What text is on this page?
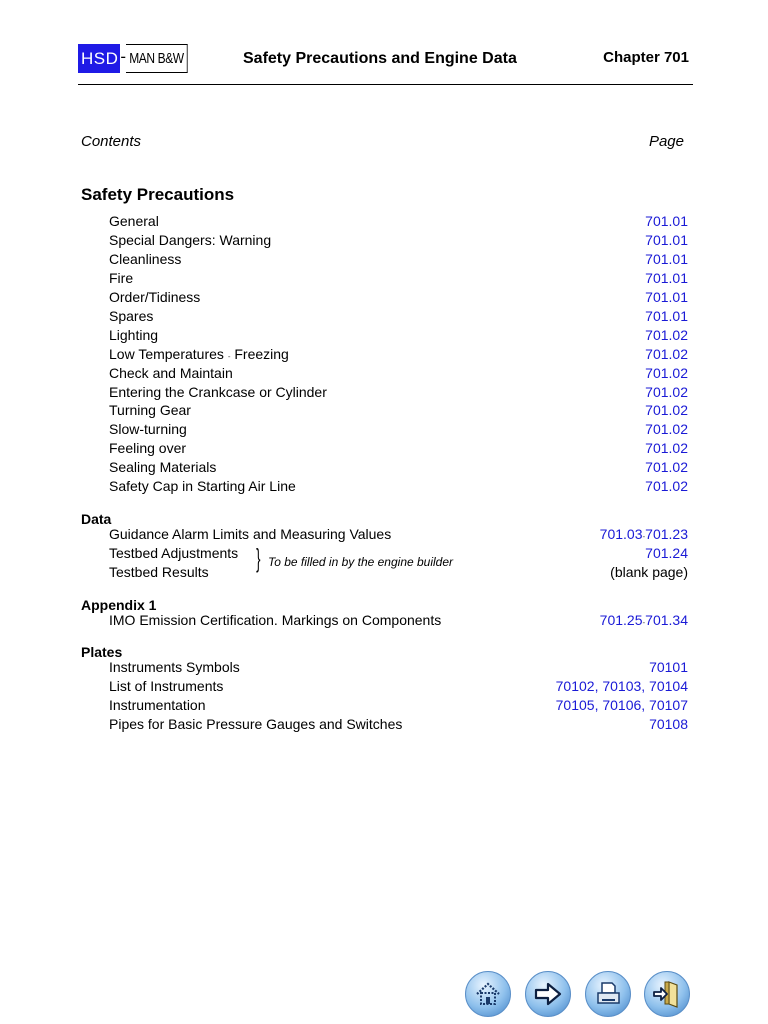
HSD - MAN B&W	Safety Precautions and Engine Data	Chapter 701
Contents	Page
Safety Precautions
General	701.01
Special Dangers: Warning	701.01
Cleanliness	701.01
Fire	701.01
Order/Tidiness	701.01
Spares	701.01
Lighting	701.02
Low Temperatures - Freezing	701.02
Check and Maintain	701.02
Entering the Crankcase or Cylinder	701.02
Turning Gear	701.02
Slow-turning	701.02
Feeling over	701.02
Sealing Materials	701.02
Safety Cap in Starting Air Line	701.02
Data
Guidance Alarm Limits and Measuring Values	701.03-701.23
Testbed Adjustments	701.24
Testbed Results	(blank page)
} To be filled in by the engine builder
Appendix 1
IMO Emission Certification. Markings on Components	701.25-701.34
Plates
Instruments Symbols	70101
List of Instruments	70102, 70103, 70104
Instrumentation	70105, 70106, 70107
Pipes for Basic Pressure Gauges and Switches	70108
